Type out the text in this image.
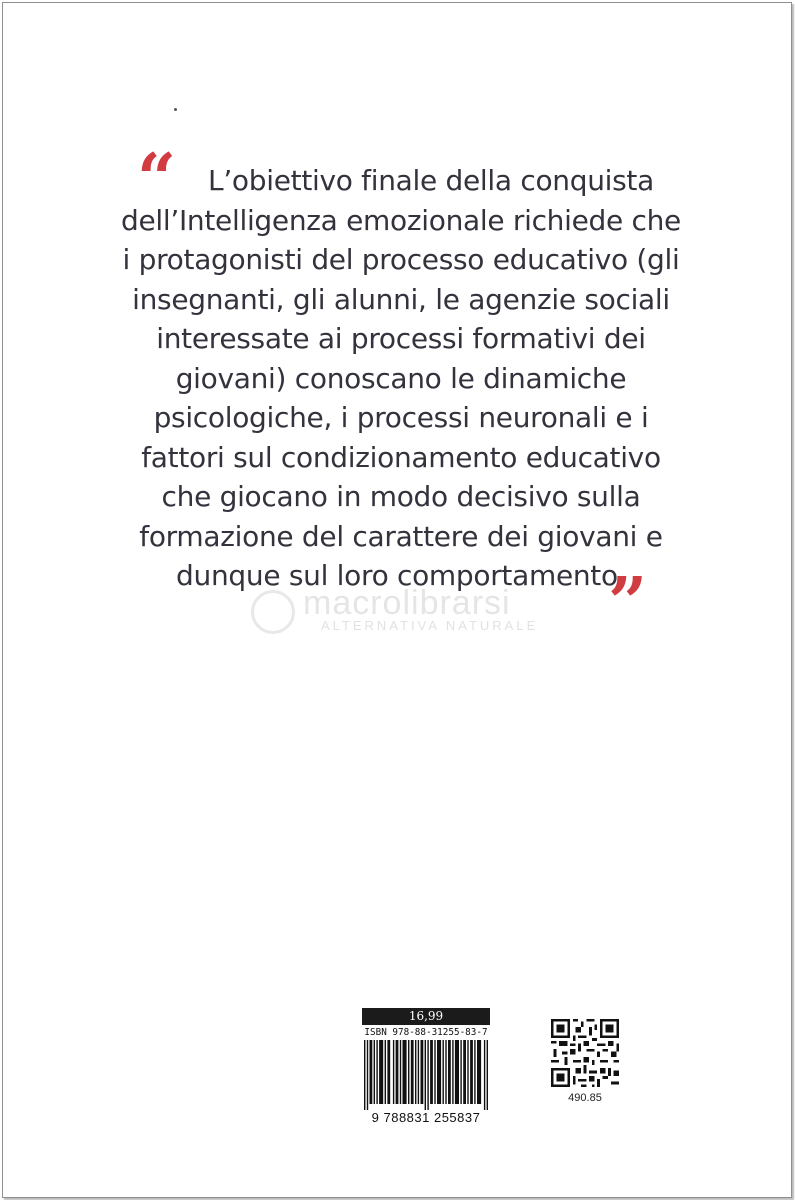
“	L’obiettivo finale della conquista
dell’Intelligenza emozionale richiede che
i protagonisti del processo educativo (gli
insegnanti, gli alunni, le agenzie sociali
interessate ai processi formativi dei
giovani) conoscano le dinamiche
psicologiche, i processi neuronali e i
fattori sul condizionamento educativo
che giocano in modo decisivo sulla
formazione del carattere dei giovani e
dunque sul loro comportamento.
”
macrolibrarsi
ALTERNATIVA NATURALE
16,99
ISBN 978-88-31255-83-7
9 788831 255837
490.85
